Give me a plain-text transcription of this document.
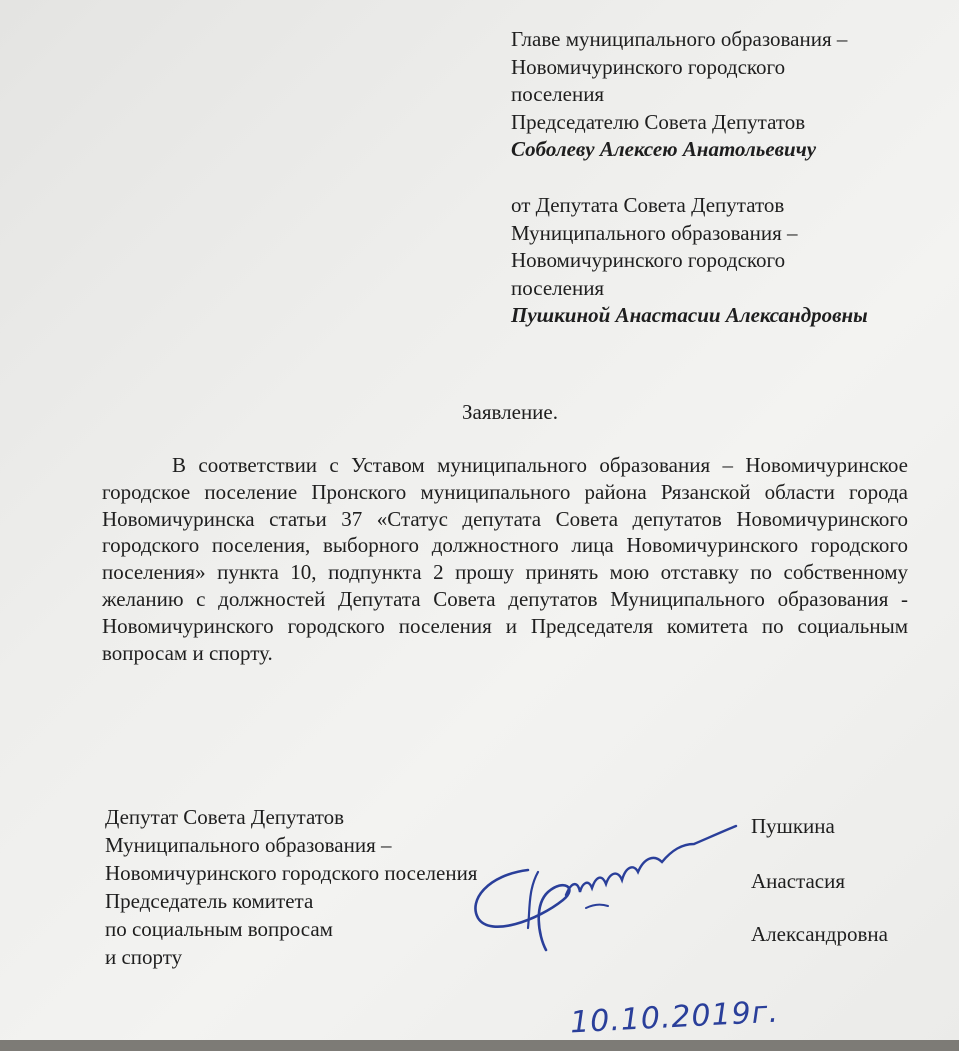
Главе муниципального образования –
Новомичуринского городского
поселения
Председателю Совета Депутатов
Соболеву Алексею Анатольевичу
от Депутата Совета Депутатов
Муниципального образования –
Новомичуринского городского
поселения
Пушкиной Анастасии Александровны
Заявление.
В соответствии с Уставом муниципального образования – Новомичуринское городское поселение Пронского муниципального района Рязанской области города Новомичуринска статьи 37 «Статус депутата Совета депутатов Новомичуринского городского поселения, выборного должностного лица Новомичуринского городского поселения» пункта 10, подпункта 2 прошу принять мою отставку по собственному желанию с должностей Депутата Совета депутатов Муниципального образования - Новомичуринского городского поселения и Председателя комитета по социальным вопросам и спорту.
Депутат Совета Депутатов
Муниципального образования –
Новомичуринского городского поселения
Председатель комитета
по социальным вопросам
и спорту
Пушкина
Анастасия
Александровна
10.10.2019г.
